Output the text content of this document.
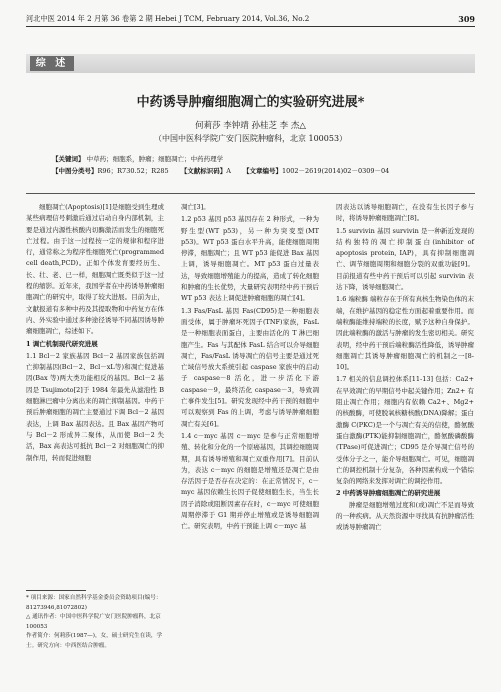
河北中医 2014 年 2 月第 36 卷第 2 期 Hebei J TCM, February 2014, Vol.36, No.2	309
综 述
中药诱导肿瘤细胞凋亡的实验研究进展*
何莉莎 李钟靖 孙桂芝 李 杰△
（中国中医科学院广安门医院肿瘤科，北京 100053）
【关键词】 中草药；细胞系，肿瘤；细胞凋亡；中药药理学
【中图分类号】R96；R730.52；R285 【文献标识码】A 【文章编号】1002－2619(2014)02－0309－04

细胞凋亡(Apoptosis)[1]是细胞受到生理或某些病理信号刺激后通过启动自身内部机制，主要是通过内源性核酸内切酶激活而发生的细胞死亡过程。由于这一过程按一定的规律和程序进行，通常称之为程序性细胞死亡(programmed cell death,PCD)。正如个体发育要经历生、长、壮、老、已一样，细胞凋亡既类似于这一过程的缩影。近年来，我国学者在中药诱导肿瘤细胞凋亡的研究中，取得了较大进展。目前为止，文献报道有多种中药及其提取物和中药复方在体内、外实验中通过多种途径诱导不同基因诱导肿瘤细胞凋亡，综述如下。

1 调亡机制现代研究进展

1.1 Bcl－2 家族基因 Bcl－2 基因家族包括凋亡抑制基因(Bcl－2、Bcl－xL等)和凋亡促进基因(Bax 等)两大类功能相反的基因。Bcl－2 基因是 Tsujimoto[2]于 1984 年最先从滤泡性 B 细胞淋巴瘤中分离出来的凋亡抑制基因。中药干预后肿瘤细胞的凋亡主要通过下调 Bcl－2 基因表达，上调 Bax 基因表达。且 Bax 基因产物可与 Bcl－2 形成异二聚体，从而使 Bcl－2 失活，Bax 高表达可抵抗 Bcl－2 对细胞凋亡的抑制作用，转而促进细胞

凋亡[3]。

1.2 p53 基因 p53 基因存在 2 种形式，一种为野生型(WT p53)，另一种为突变型(MT p53)。WT p53 蛋白水平升高，能使细胞周期停滞，细胞凋亡；且 WT p53 能促进 Bax 基因上调，诱导细胞凋亡。MT p53 蛋白过量表达，导致细胞增殖能力的提高，造成了转化细胞和肿瘤的生长优势，大量研究表明经中药干预后 WT p53 表达上调促进肿瘤细胞的凋亡[4]。

1.3 Fas/FasL 基因 Fas(CD95)是一种细胞表面受体，属于肿瘤坏死因子(TNF)家族，FasL 是一种细胞表面蛋白，主要由活化的 T 淋巴细胞产生。Fas 与其配体 FasL 结合可以介导细胞凋亡，Fas/FasL 诱导凋亡的信号主要是通过死亡域信号放大系统引起 caspase 家族中的启动子 caspase－8 活化，进一步活化下游 caspase－9，最终活化 caspase－3，导致凋亡事件发生[5]。研究发现经中药干预的细胞中可以观察到 Fas 的上调，考虑与诱导肿瘤细胞凋亡有关[6]。

1.4 c－myc 基因 c－myc 是参与正常细胞增殖、转化和分化的一个原癌基因，其调控细胞周期，具有诱导增殖和凋亡双重作用[7]。目前认为，表达 c－myc 的细胞是增殖还是凋亡是由存活因子是否存在决定的：在正常情况下，c－myc 基因依赖生长因子促使细胞生长，当生长因子消除或阻断因素存在时，c－myc 可使细胞周期停滞于 G1 期并停止增殖或是诱导细胞凋亡。研究表明，中药干预能上调 c－myc 基

因表达以诱导细胞凋亡，在没有生长因子参与时，将诱导肿瘤细胞凋亡[8]。

1.5 survivin 基因 survivin 是一种新近发现的结构独特的凋亡抑制蛋白(inhibitor of apoptosis protein, IAP)，具有抑制细胞凋亡、调节细胞周期和细胞分裂的双重功能[9]。目前报道有些中药干预后可以引起 survivin 表达下降，诱导细胞凋亡。

1.6 端粒酶 端粒存在于所有真核生物染色体的末端，在维护基因的稳定性方面起着重要作用。而端粒酶能维持端粒的长度，赋予这种自身保护。因此端粒酶的激活与肿瘤的发生密切相关。研究表明，经中药干预后端粒酶活性降低，诱导肿瘤细胞凋亡其诱导肿瘤细胞凋亡的机制之一[8-10]。

1.7 相关的信息调控体系[11-13] 包括：Ca2+ 在早效凋亡的早期信号中起关键作用；Zn2+ 有阻止凋亡作用；细胞内有依赖 Ca2+、Mg2+ 的核酸酶，可使脱氧核糖核酸(DNA)降解；蛋白激酶 C(PKC)是一个与凋亡有关的信使，酪氨酸蛋白激酶(PTK)能抑制细胞凋亡，酪氨酸磷酸酶(TPase)可促进凋亡；CD95 是介导凋亡信号的受体分子之一，能介导细胞凋亡。可见，细胞凋亡的调控机制十分复杂，各种因素构成一个错综复杂的网络来发挥对调亡的调控作用。

2 中药诱导肿瘤细胞凋亡的研究进展

肿瘤是细胞增殖过度和(或)凋亡不足而导致的一种疾病。从天然资源中寻找具有抗肿瘤活性或诱导肿瘤凋亡

* 项目来源：国家自然科学基金委员会资助项目(编号：81273946,81072802)

△ 通讯作者：中国中医科学院广安门医院肿瘤科，北京 100053

作者简介：何莉莎(1987—)，女，硕士研究生在读，学士。研究方向：中西医结合肿瘤。
